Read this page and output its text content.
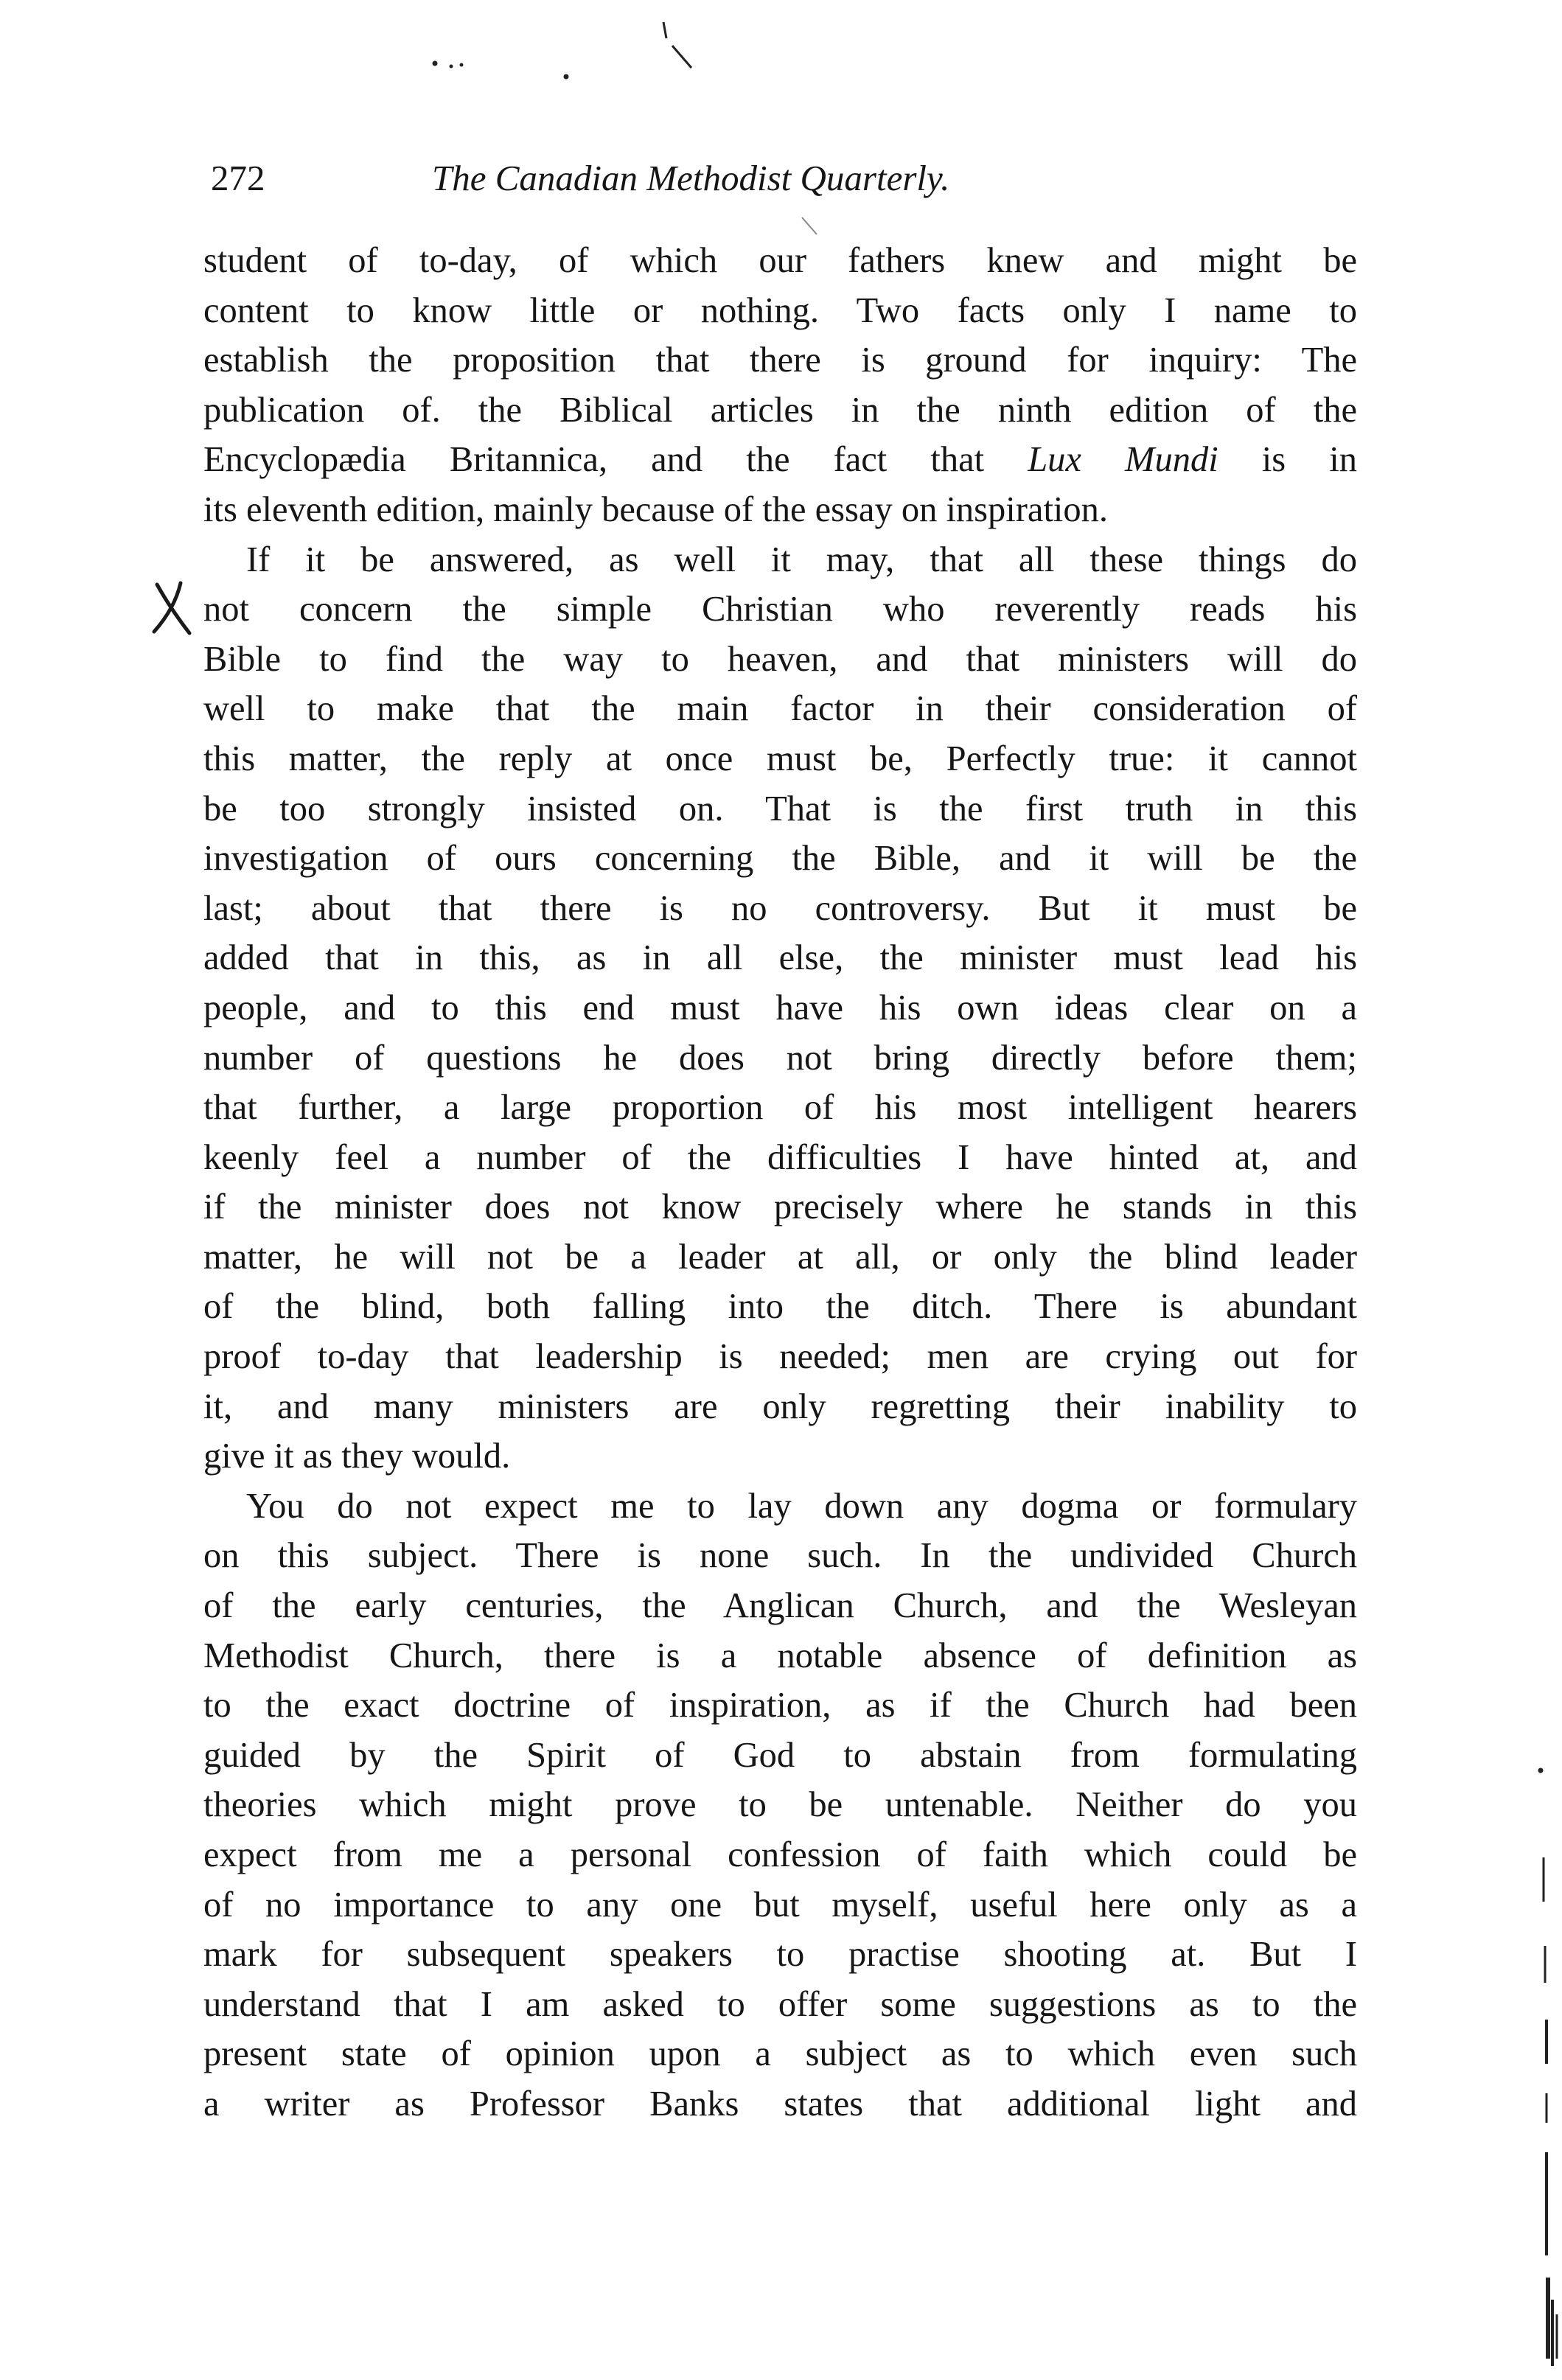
272	The Canadian Methodist Quarterly.
student of to-day, of which our fathers knew and might be
content to know little or nothing. Two facts only I name to
establish the proposition that there is ground for inquiry: The
publication of. the Biblical articles in the ninth edition of the
Encyclopædia Britannica, and the fact that Lux Mundi is in
its eleventh edition, mainly because of the essay on inspiration.
If it be answered, as well it may, that all these things do
not concern the simple Christian who reverently reads his
Bible to find the way to heaven, and that ministers will do
well to make that the main factor in their consideration of
this matter, the reply at once must be, Perfectly true: it cannot
be too strongly insisted on. That is the first truth in this
investigation of ours concerning the Bible, and it will be the
last; about that there is no controversy. But it must be
added that in this, as in all else, the minister must lead his
people, and to this end must have his own ideas clear on a
number of questions he does not bring directly before them;
that further, a large proportion of his most intelligent hearers
keenly feel a number of the difficulties I have hinted at, and
if the minister does not know precisely where he stands in this
matter, he will not be a leader at all, or only the blind leader
of the blind, both falling into the ditch. There is abundant
proof to-day that leadership is needed; men are crying out for
it, and many ministers are only regretting their inability to
give it as they would.
You do not expect me to lay down any dogma or formulary
on this subject. There is none such. In the undivided Church
of the early centuries, the Anglican Church, and the Wesleyan
Methodist Church, there is a notable absence of definition as
to the exact doctrine of inspiration, as if the Church had been
guided by the Spirit of God to abstain from formulating
theories which might prove to be untenable. Neither do you
expect from me a personal confession of faith which could be
of no importance to any one but myself, useful here only as a
mark for subsequent speakers to practise shooting at. But I
understand that I am asked to offer some suggestions as to the
present state of opinion upon a subject as to which even such
a writer as Professor Banks states that additional light and
